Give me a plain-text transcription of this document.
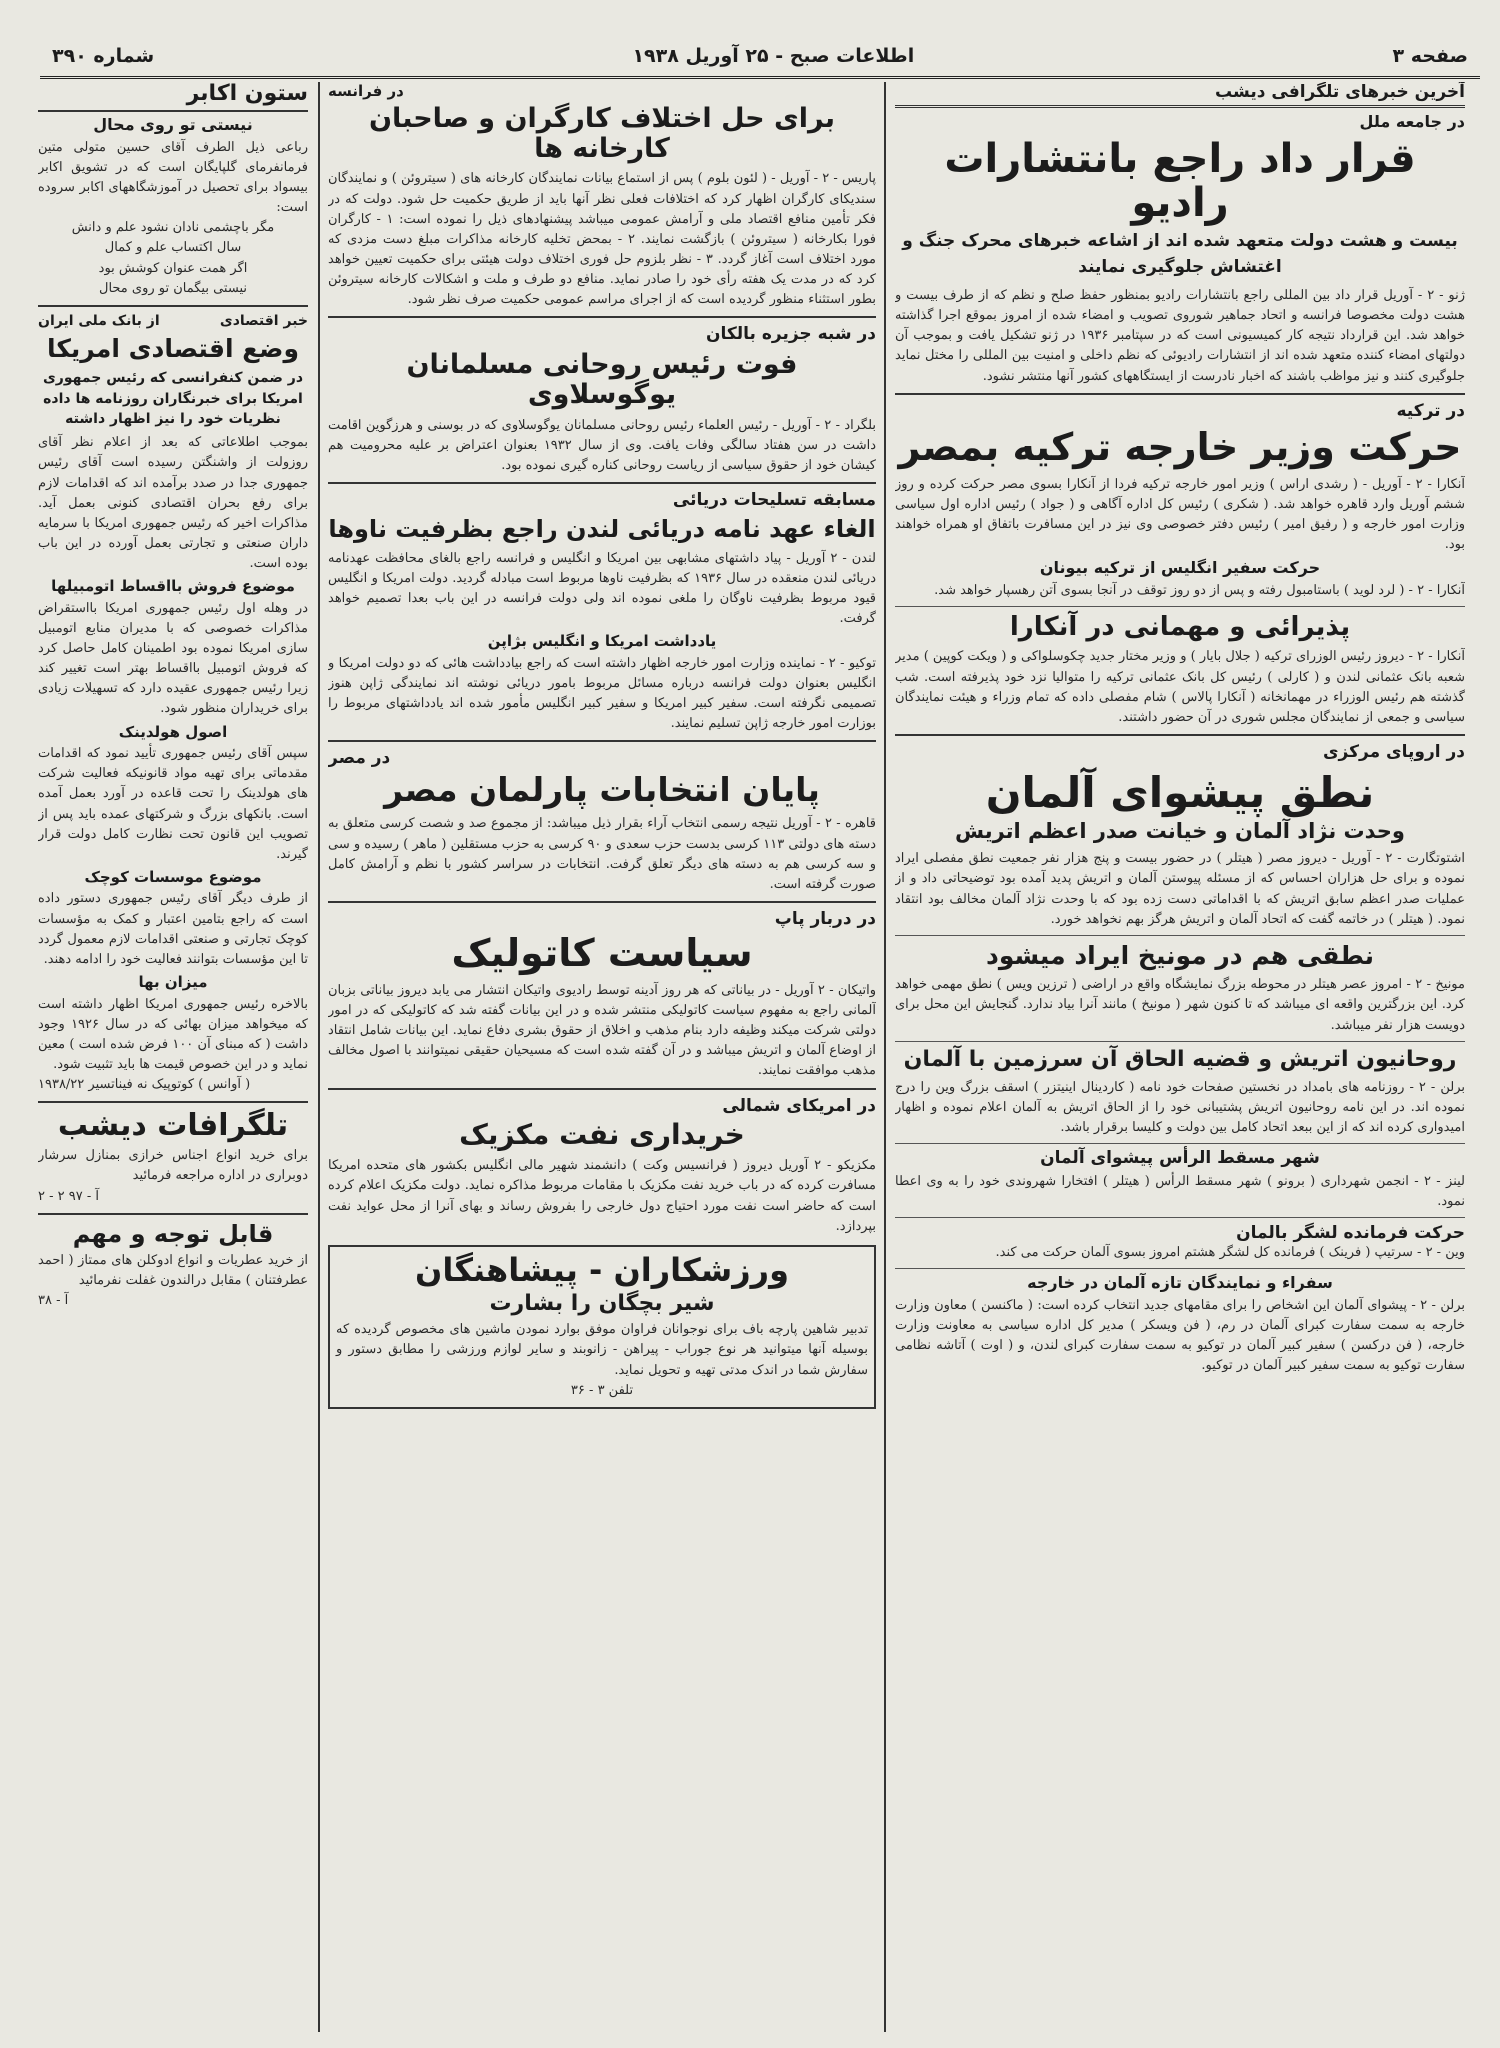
صفحه ۳
اطلاعات صبح - ۲۵ آوریل ۱۹۳۸
شماره ۳۹۰
آخرین خبرهای تلگرافی دیشب
در جامعه ملل
قرار داد راجع بانتشارات رادیو
بیست و هشت دولت متعهد شده اند از اشاعه خبرهای محرک جنگ و اغتشاش جلوگیری نمایند
ژنو - ۲ - آوریل قرار داد بین المللی راجع بانتشارات رادیو بمنظور حفظ صلح و نظم که از طرف بیست و هشت دولت مخصوصا فرانسه و اتحاد جماهیر شوروی تصویب و امضاء شده از امروز بموقع اجرا گذاشته خواهد شد. این قرارداد نتیجه کار کمیسیونی است که در سپتامبر ۱۹۳۶ در ژنو تشکیل یافت و بموجب آن دولتهای امضاء کننده متعهد شده اند از انتشارات رادیوئی که نظم داخلی و امنیت بین المللی را مختل نماید جلوگیری کنند و نیز مواظب باشند که اخبار نادرست از ایستگاههای کشور آنها منتشر نشود.
در ترکیه
حرکت وزیر خارجه ترکیه بمصر
آنکارا - ۲ - آوریل - ( رشدی اراس ) وزیر امور خارجه ترکیه فردا از آنکارا بسوی مصر حرکت کرده و روز ششم آوریل وارد قاهره خواهد شد. ( شکری ) رئیس کل اداره آگاهی و ( جواد ) رئیس اداره اول سیاسی وزارت امور خارجه و ( رفیق امیر ) رئیس دفتر خصوصی وی نیز در این مسافرت باتفاق او همراه خواهند بود.
حرکت سفیر انگلیس از ترکیه بیونان
آنکارا - ۲ - ( لرد لوید ) باستامبول رفته و پس از دو روز توقف در آنجا بسوی آتن رهسپار خواهد شد.
پذیرائی و مهمانی در آنکارا
آنکارا - ۲ - دیروز رئیس الوزرای ترکیه ( جلال بایار ) و وزیر مختار جدید چکوسلواکی و ( ویکت کوپین ) مدیر شعبه بانک عثمانی لندن و ( کارلی ) رئیس کل بانک عثمانی ترکیه را متوالیا نزد خود پذیرفته است. شب گذشته هم رئیس الوزراء در مهمانخانه ( آنکارا پالاس ) شام مفصلی داده که تمام وزراء و هیئت نمایندگان سیاسی و جمعی از نمایندگان مجلس شوری در آن حضور داشتند.
در اروپای مرکزی
نطق پیشوای آلمان
وحدت نژاد آلمان و خیانت صدر اعظم اتریش
اشتوتگارت - ۲ - آوریل - دیروز مصر ( هیتلر ) در حضور بیست و پنج هزار نفر جمعیت نطق مفصلی ایراد نموده و برای حل هزاران احساس که از مسئله پیوستن آلمان و اتریش پدید آمده بود توضیحاتی داد و از عملیات صدر اعظم سابق اتریش که با اقداماتی دست زده بود که با وحدت نژاد آلمان مخالف بود انتقاد نمود. ( هیتلر ) در خاتمه گفت که اتحاد آلمان و اتریش هرگز بهم نخواهد خورد.
نطقی هم در مونیخ ایراد میشود
مونیخ - ۲ - امروز عصر هیتلر در محوطه بزرگ نمایشگاه واقع در اراضی ( ترزین ویس ) نطق مهمی خواهد کرد. این بزرگترین واقعه ای میباشد که تا کنون شهر ( مونیخ ) مانند آنرا بیاد ندارد. گنجایش این محل برای دویست هزار نفر میباشد.
روحانیون اتریش و قضیه الحاق آن سرزمین با آلمان
برلن - ۲ - روزنامه های بامداد در نخستین صفحات خود نامه ( کاردینال اینیتزر ) اسقف بزرگ وین را درج نموده اند. در این نامه روحانیون اتریش پشتیبانی خود را از الحاق اتریش به آلمان اعلام نموده و اظهار امیدواری کرده اند که از این ببعد اتحاد کامل بین دولت و کلیسا برقرار باشد.
شهر مسقط الرأس پیشوای آلمان
لینز - ۲ - انجمن شهرداری ( برونو ) شهر مسقط الرأس ( هیتلر ) افتخارا شهروندی خود را به وی اعطا نمود.
حرکت فرمانده لشگر بالمان
وین - ۲ - سرتیپ ( فرینک ) فرمانده کل لشگر هشتم امروز بسوی آلمان حرکت می کند.
سفراء و نمایندگان تازه آلمان در خارجه
برلن - ۲ - پیشوای آلمان این اشخاص را برای مقامهای جدید انتخاب کرده است: ( ماکنسن ) معاون وزارت خارجه به سمت سفارت کبرای آلمان در رم، ( فن ویسکر ) مدیر کل اداره سیاسی به معاونت وزارت خارجه، ( فن درکسن ) سفیر کبیر آلمان در توکیو به سمت سفارت کبرای لندن، و ( اوت ) آتاشه نظامی سفارت توکیو به سمت سفیر کبیر آلمان در توکیو.
در فرانسه
برای حل اختلاف کارگران و صاحبان کارخانه ها
پاریس - ۲ - آوریل - ( لئون بلوم ) پس از استماع بیانات نمایندگان کارخانه های ( سیتروئن ) و نمایندگان سندیکای کارگران اظهار کرد که اختلافات فعلی نظر آنها باید از طریق حکمیت حل شود. دولت که در فکر تأمین منافع اقتصاد ملی و آرامش عمومی میباشد پیشنهادهای ذیل را نموده است: ۱ - کارگران فورا بکارخانه ( سیتروئن ) بازگشت نمایند. ۲ - بمحض تخلیه کارخانه مذاکرات مبلغ دست مزدی که مورد اختلاف است آغاز گردد. ۳ - نظر بلزوم حل فوری اختلاف دولت هیئتی برای حکمیت تعیین خواهد کرد که در مدت یک هفته رأی خود را صادر نماید. منافع دو طرف و ملت و اشکالات کارخانه سیتروئن بطور استثناء منظور گردیده است که از اجرای مراسم عمومی حکمیت صرف نظر شود.
در شبه جزیره بالکان
فوت رئیس روحانی مسلمانان یوگوسلاوی
بلگراد - ۲ - آوریل - رئیس العلماء رئیس روحانی مسلمانان یوگوسلاوی که در بوسنی و هرزگوین اقامت داشت در سن هفتاد سالگی وفات یافت. وی از سال ۱۹۳۲ بعنوان اعتراض بر علیه محرومیت هم کیشان خود از حقوق سیاسی از ریاست روحانی کناره گیری نموده بود.
مسابقه تسلیحات دریائی
الغاء عهد نامه دریائی لندن راجع بظرفیت ناوها
لندن - ۲ آوریل - پیاد داشتهای مشابهی بین امریکا و انگلیس و فرانسه راجع بالغای محافظت عهدنامه دریائی لندن منعقده در سال ۱۹۳۶ که بظرفیت ناوها مربوط است مبادله گردید. دولت امریکا و انگلیس قیود مربوط بظرفیت ناوگان را ملغی نموده اند ولی دولت فرانسه در این باب بعدا تصمیم خواهد گرفت.
یادداشت امریکا و انگلیس بژاپن
توکیو - ۲ - نماینده وزارت امور خارجه اظهار داشته است که راجع بیادداشت هائی که دو دولت امریکا و انگلیس بعنوان دولت فرانسه درباره مسائل مربوط بامور دریائی نوشته اند نمایندگی ژاپن هنوز تصمیمی نگرفته است. سفیر کبیر امریکا و سفیر کبیر انگلیس مأمور شده اند یادداشتهای مربوط را بوزارت امور خارجه ژاپن تسلیم نمایند.
در مصر
پایان انتخابات پارلمان مصر
قاهره - ۲ - آوریل نتیجه رسمی انتخاب آراء بقرار ذیل میباشد: از مجموع صد و شصت کرسی متعلق به دسته های دولتی ۱۱۳ کرسی بدست حزب سعدی و ۹۰ کرسی به حزب مستقلین ( ماهر ) رسیده و سی و سه کرسی هم به دسته های دیگر تعلق گرفت. انتخابات در سراسر کشور با نظم و آرامش کامل صورت گرفته است.
در دربار پاپ
سیاست کاتولیک
واتیکان - ۲ آوریل - در بیاناتی که هر روز آدینه توسط رادیوی واتیکان انتشار می یابد دیروز بیاناتی بزبان آلمانی راجع به مفهوم سیاست کاتولیکی منتشر شده و در این بیانات گفته شد که کاتولیکی که در امور دولتی شرکت میکند وظیفه دارد بنام مذهب و اخلاق از حقوق بشری دفاع نماید. این بیانات شامل انتقاد از اوضاع آلمان و اتریش میباشد و در آن گفته شده است که مسیحیان حقیقی نمیتوانند با اصول مخالف مذهب موافقت نمایند.
در امریکای شمالی
خریداری نفت مکزیک
مکزیکو - ۲ آوریل دیروز ( فرانسیس وکت ) دانشمند شهیر مالی انگلیس بکشور های متحده امریکا مسافرت کرده که در باب خرید نفت مکزیک با مقامات مربوط مذاکره نماید. دولت مکزیک اعلام کرده است که حاضر است نفت مورد احتیاج دول خارجی را بفروش رساند و بهای آنرا از محل عواید نفت بپردازد.
ورزشکاران - پیشاهنگان
شیر بچگان را بشارت
تدبیر شاهین پارچه باف برای نوجوانان فراوان موفق بوارد نمودن ماشین های مخصوص گردیده که بوسیله آنها میتوانید هر نوع جوراب - پیراهن - زانوبند و سایر لوازم ورزشی را مطابق دستور و سفارش شما در اندک مدتی تهیه و تحویل نماید.
تلفن ۳ - ۳۶
ستون اکابر
نیستی تو روی محال
رباعی ذیل الطرف آقای حسین متولی متین فرمانفرمای گلپایگان است که در تشویق اکابر بیسواد برای تحصیل در آموزشگاههای اکابر سروده است:
مگر باچشمی نادان نشود علم و دانش
سال اکتساب علم و کمال
اگر همت عنوان کوشش بود
نیستی بیگمان تو روی محال
خبر اقتصادی
از بانک ملی ایران
وضع اقتصادی امریکا
در ضمن کنفرانسی که رئیس جمهوری امریکا برای خبرنگاران روزنامه ها داده نظریات خود را نیز اظهار داشته
بموجب اطلاعاتی که بعد از اعلام نظر آقای روزولت از واشنگتن رسیده است آقای رئیس جمهوری جدا در صدد برآمده اند که اقدامات لازم برای رفع بحران اقتصادی کنونی بعمل آید. مذاکرات اخیر که رئیس جمهوری امریکا با سرمایه داران صنعتی و تجارتی بعمل آورده در این باب بوده است.
موضوع فروش بااقساط اتومبیلها
در وهله اول رئیس جمهوری امریکا بااستقراض مذاکرات خصوصی که با مدیران منابع اتومبیل سازی امریکا نموده بود اطمینان کامل حاصل کرد که فروش اتومبیل بااقساط بهتر است تغییر کند زیرا رئیس جمهوری عقیده دارد که تسهیلات زیادی برای خریداران منظور شود.
اصول هولدینک
سپس آقای رئیس جمهوری تأیید نمود که اقدامات مقدماتی برای تهیه مواد قانونیکه فعالیت شرکت های هولدینک را تحت قاعده در آورد بعمل آمده است. بانکهای بزرگ و شرکتهای عمده باید پس از تصویب این قانون تحت نظارت کامل دولت قرار گیرند.
موضوع موسسات کوچک
از طرف دیگر آقای رئیس جمهوری دستور داده است که راجع بتامین اعتبار و کمک به مؤسسات کوچک تجارتی و صنعتی اقدامات لازم معمول گردد تا این مؤسسات بتوانند فعالیت خود را ادامه دهند.
میزان بها
بالاخره رئیس جمهوری امریکا اظهار داشته است که میخواهد میزان بهائی که در سال ۱۹۲۶ وجود داشت ( که مبنای آن ۱۰۰ فرض شده است ) معین نماید و در این خصوص قیمت ها باید تثبیت شود.
( آوانس ) کوتوپیک نه فیناتسیر ۱۹۳۸/۲۲
تلگرافات دیشب
برای خرید انواع اجناس خرازی بمنازل سرشار دوبراری در اداره مراجعه فرمائید
آ - ۹۷ ۲ - ۲
قابل توجه و مهم
از خرید عطریات و انواع ادوکلن های ممتاز ( احمد عطرفتنان ) مقابل درالندون غفلت نفرمائید
آ - ۳۸
